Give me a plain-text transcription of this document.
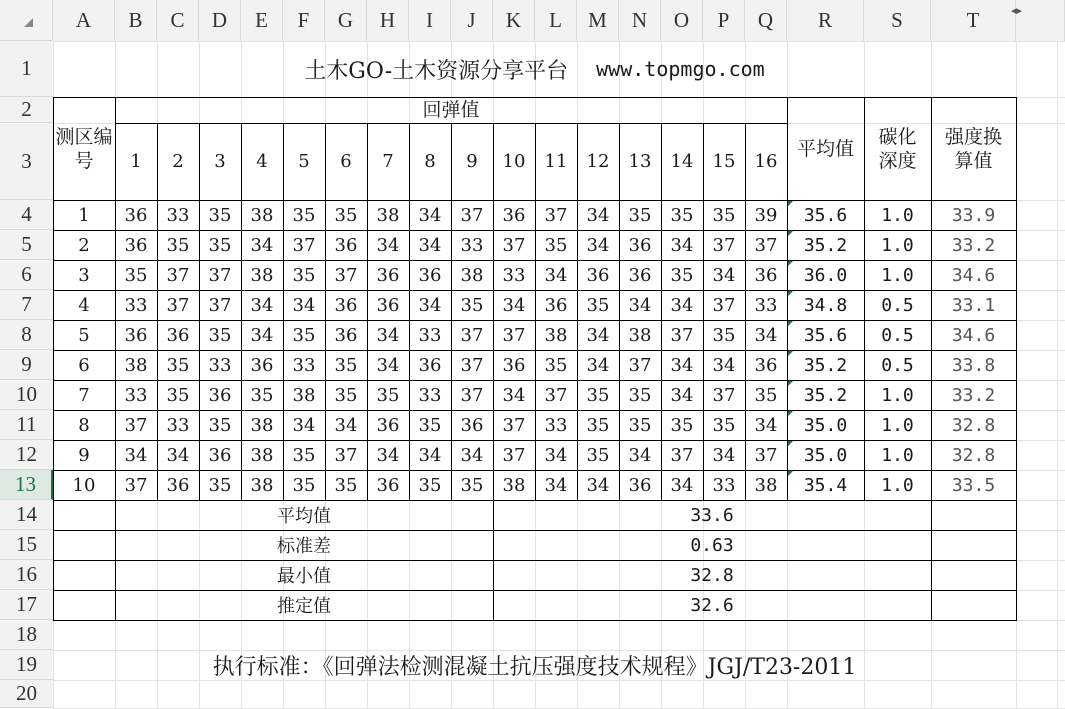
A	B	C	D	E	F	G	H	I	J	K	L	M	N	O	P	Q	R	S	T	◂▸
1
2
3
4
5
6
7
8
9
10
11
12
13
14
15
16
17
18
19
20
土木GO-土木资源分享平台 www.topmgo.com
测区编号
回弹值
1	2	3	4	5	6	7	8	9	10	11	12	13	14	15	16
平均值
碳化深度
强度换算值
1	36	33	35	38	35	35	38	34	37	36	37	34	35	35	35	39	35.6	1.0	33.9
2	36	35	35	34	37	36	34	34	33	37	35	34	36	34	37	37	35.2	1.0	33.2
3	35	37	37	38	35	37	36	36	38	33	34	36	36	35	34	36	36.0	1.0	34.6
4	33	37	37	34	34	36	36	34	35	34	36	35	34	34	37	33	34.8	0.5	33.1
5	36	36	35	34	35	36	34	33	37	37	38	34	38	37	35	34	35.6	0.5	34.6
6	38	35	33	36	33	35	34	36	37	36	35	34	37	34	34	36	35.2	0.5	33.8
7	33	35	36	35	38	35	35	33	37	34	37	35	35	34	37	35	35.2	1.0	33.2
8	37	33	35	38	34	34	36	35	36	37	33	35	35	35	35	34	35.0	1.0	32.8
9	34	34	36	38	35	37	34	34	34	37	34	35	34	37	34	37	35.0	1.0	32.8
10	37	36	35	38	35	35	36	35	35	38	34	34	36	34	33	38	35.4	1.0	33.5
平均值	33.6
标准差	0.63
最小值	32.8
推定值	32.6
执行标准：《回弹法检测混凝土抗压强度技术规程》JGJ/T23-2011
